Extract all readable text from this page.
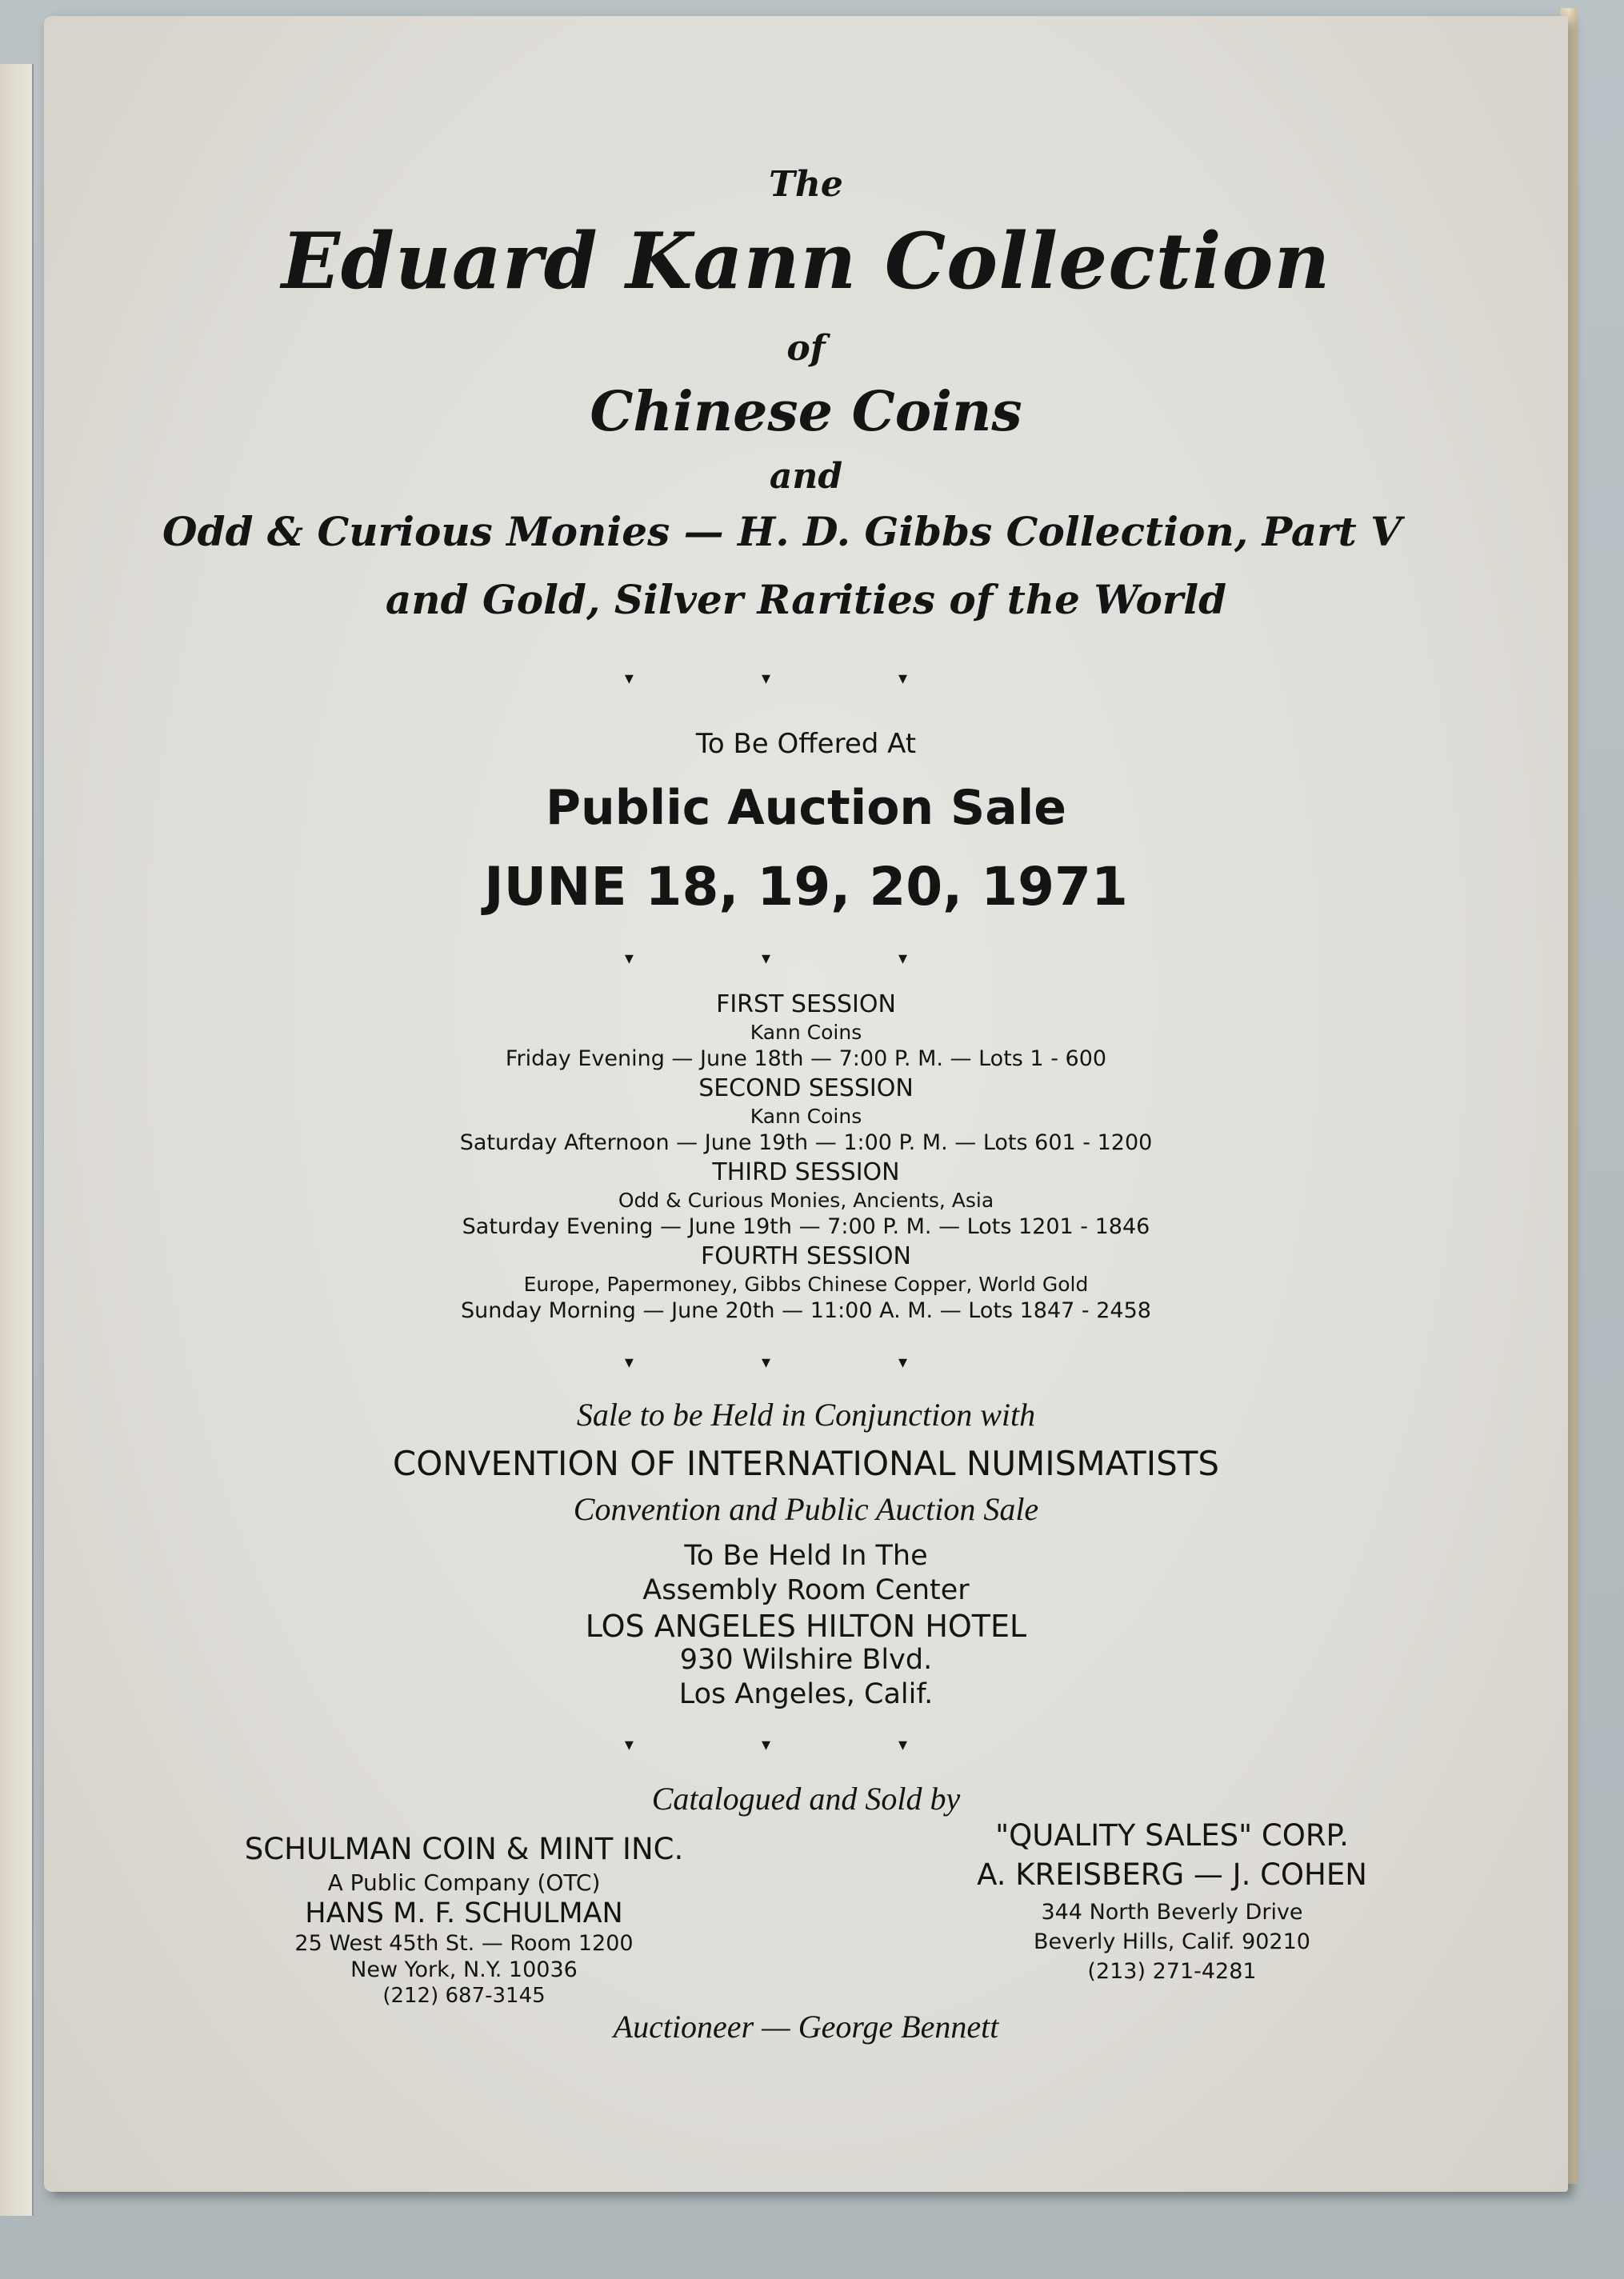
The
Eduard Kann Collection
of
Chinese Coins
and
Odd & Curious Monies — H. D. Gibbs Collection, Part V
and Gold, Silver Rarities of the World
▾	▾	▾
To Be Offered At
Public Auction Sale
JUNE 18, 19, 20, 1971
▾	▾	▾
FIRST SESSION
Kann Coins
Friday Evening — June 18th — 7:00 P. M. — Lots 1 - 600
SECOND SESSION
Kann Coins
Saturday Afternoon — June 19th — 1:00 P. M. — Lots 601 - 1200
THIRD SESSION
Odd & Curious Monies, Ancients, Asia
Saturday Evening — June 19th — 7:00 P. M. — Lots 1201 - 1846
FOURTH SESSION
Europe, Papermoney, Gibbs Chinese Copper, World Gold
Sunday Morning — June 20th — 11:00 A. M. — Lots 1847 - 2458
▾	▾	▾
Sale to be Held in Conjunction with
CONVENTION OF INTERNATIONAL NUMISMATISTS
Convention and Public Auction Sale
To Be Held In The
Assembly Room Center
LOS ANGELES HILTON HOTEL
930 Wilshire Blvd.
Los Angeles, Calif.
▾	▾	▾
Catalogued and Sold by
SCHULMAN COIN & MINT INC.
A Public Company (OTC)
HANS M. F. SCHULMAN
25 West 45th St. — Room 1200
New York, N.Y. 10036
(212) 687-3145
"QUALITY SALES" CORP.
A. KREISBERG — J. COHEN
344 North Beverly Drive
Beverly Hills, Calif. 90210
(213) 271-4281
Auctioneer — George Bennett
